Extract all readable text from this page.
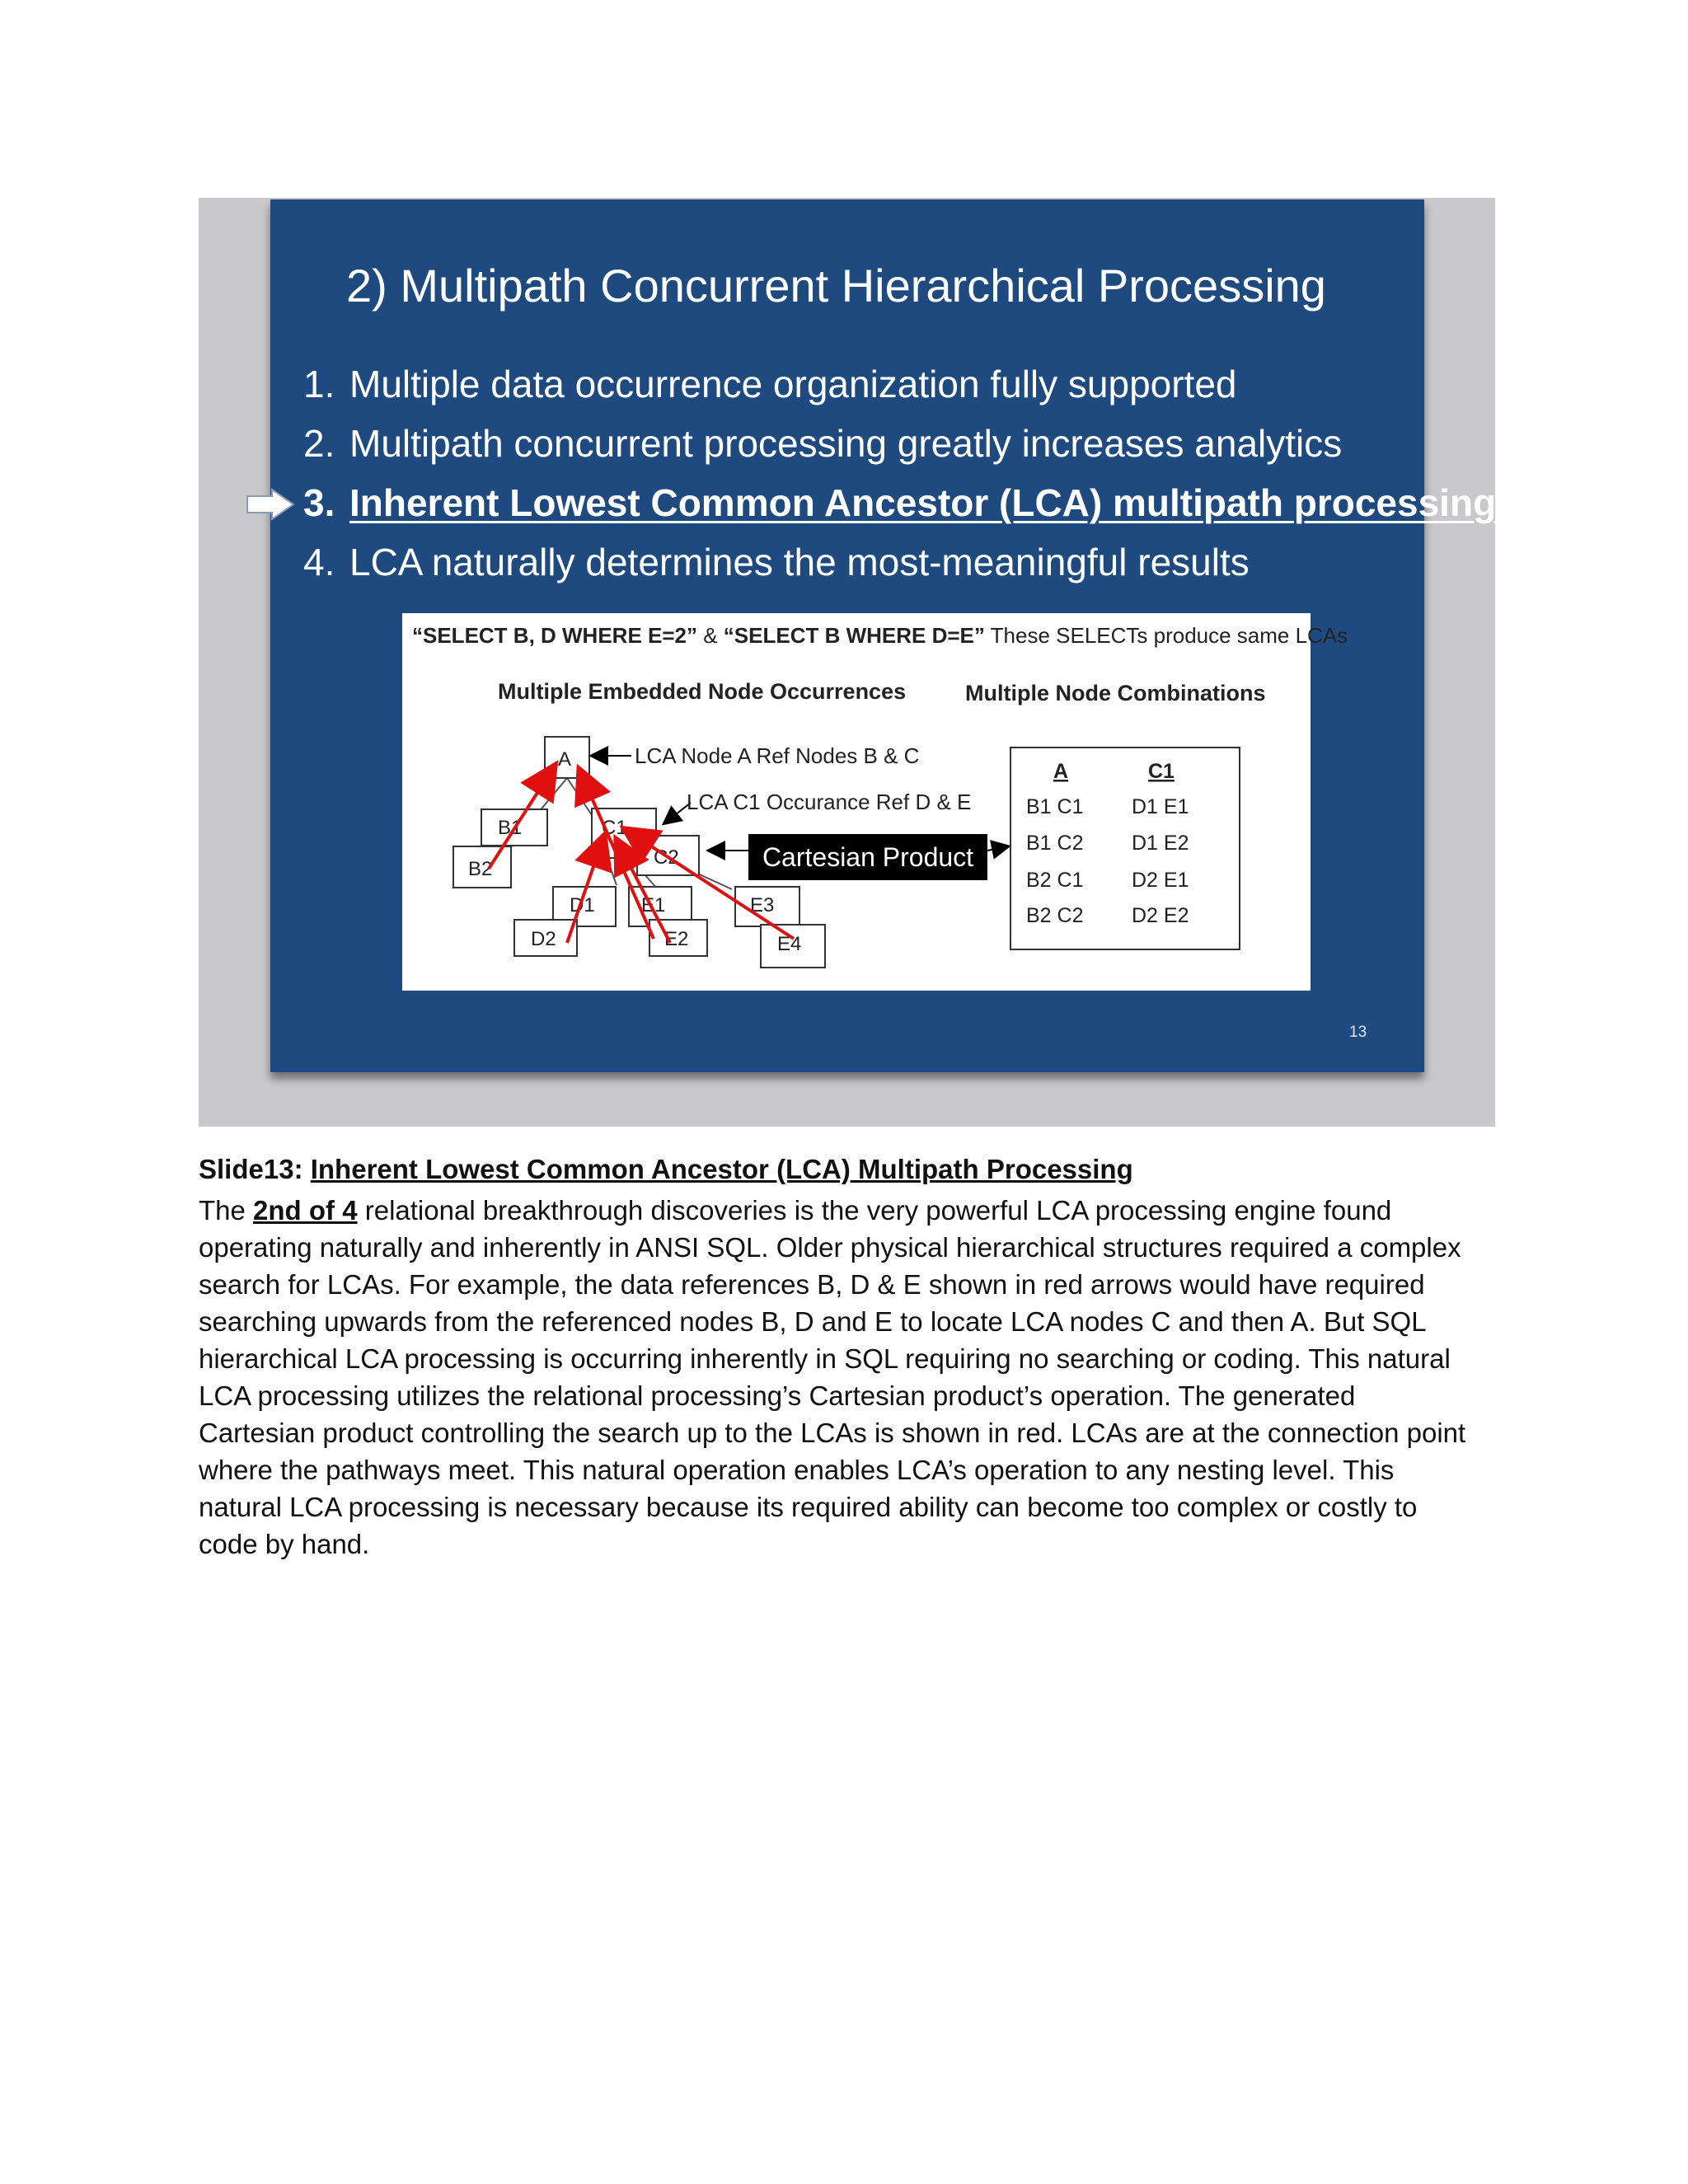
2) Multipath Concurrent Hierarchical Processing
1. Multiple data occurrence organization fully supported
2. Multipath concurrent processing greatly increases analytics
3. Inherent Lowest Common Ancestor (LCA) multipath processing
4. LCA naturally determines the most-meaningful results
“SELECT B, D WHERE E=2” & “SELECT B WHERE D=E” These SELECTs produce same LCAs
Multiple Embedded Node Occurrences	Multiple Node Combinations
A
B1
B2
C1
C2
D1
D2
E1
E2
E3
E4
LCA Node A Ref Nodes B & C
LCA C1 Occurance Ref D & E
A	C1
B1 C1 D1 E1
B1 C2 D1 E2
B2 C1 D2 E1
B2 C2 D2 E2
Cartesian Product
13
Slide13: Inherent Lowest Common Ancestor (LCA) Multipath Processing
The 2nd of 4 relational breakthrough discoveries is the very powerful LCA processing engine found
operating naturally and inherently in ANSI SQL. Older physical hierarchical structures required a complex
search for LCAs. For example, the data references B, D & E shown in red arrows would have required
searching upwards from the referenced nodes B, D and E to locate LCA nodes C and then A. But SQL
hierarchical LCA processing is occurring inherently in SQL requiring no searching or coding. This natural
LCA processing utilizes the relational processing’s Cartesian product’s operation. The generated
Cartesian product controlling the search up to the LCAs is shown in red. LCAs are at the connection point
where the pathways meet. This natural operation enables LCA’s operation to any nesting level. This
natural LCA processing is necessary because its required ability can become too complex or costly to
code by hand.
